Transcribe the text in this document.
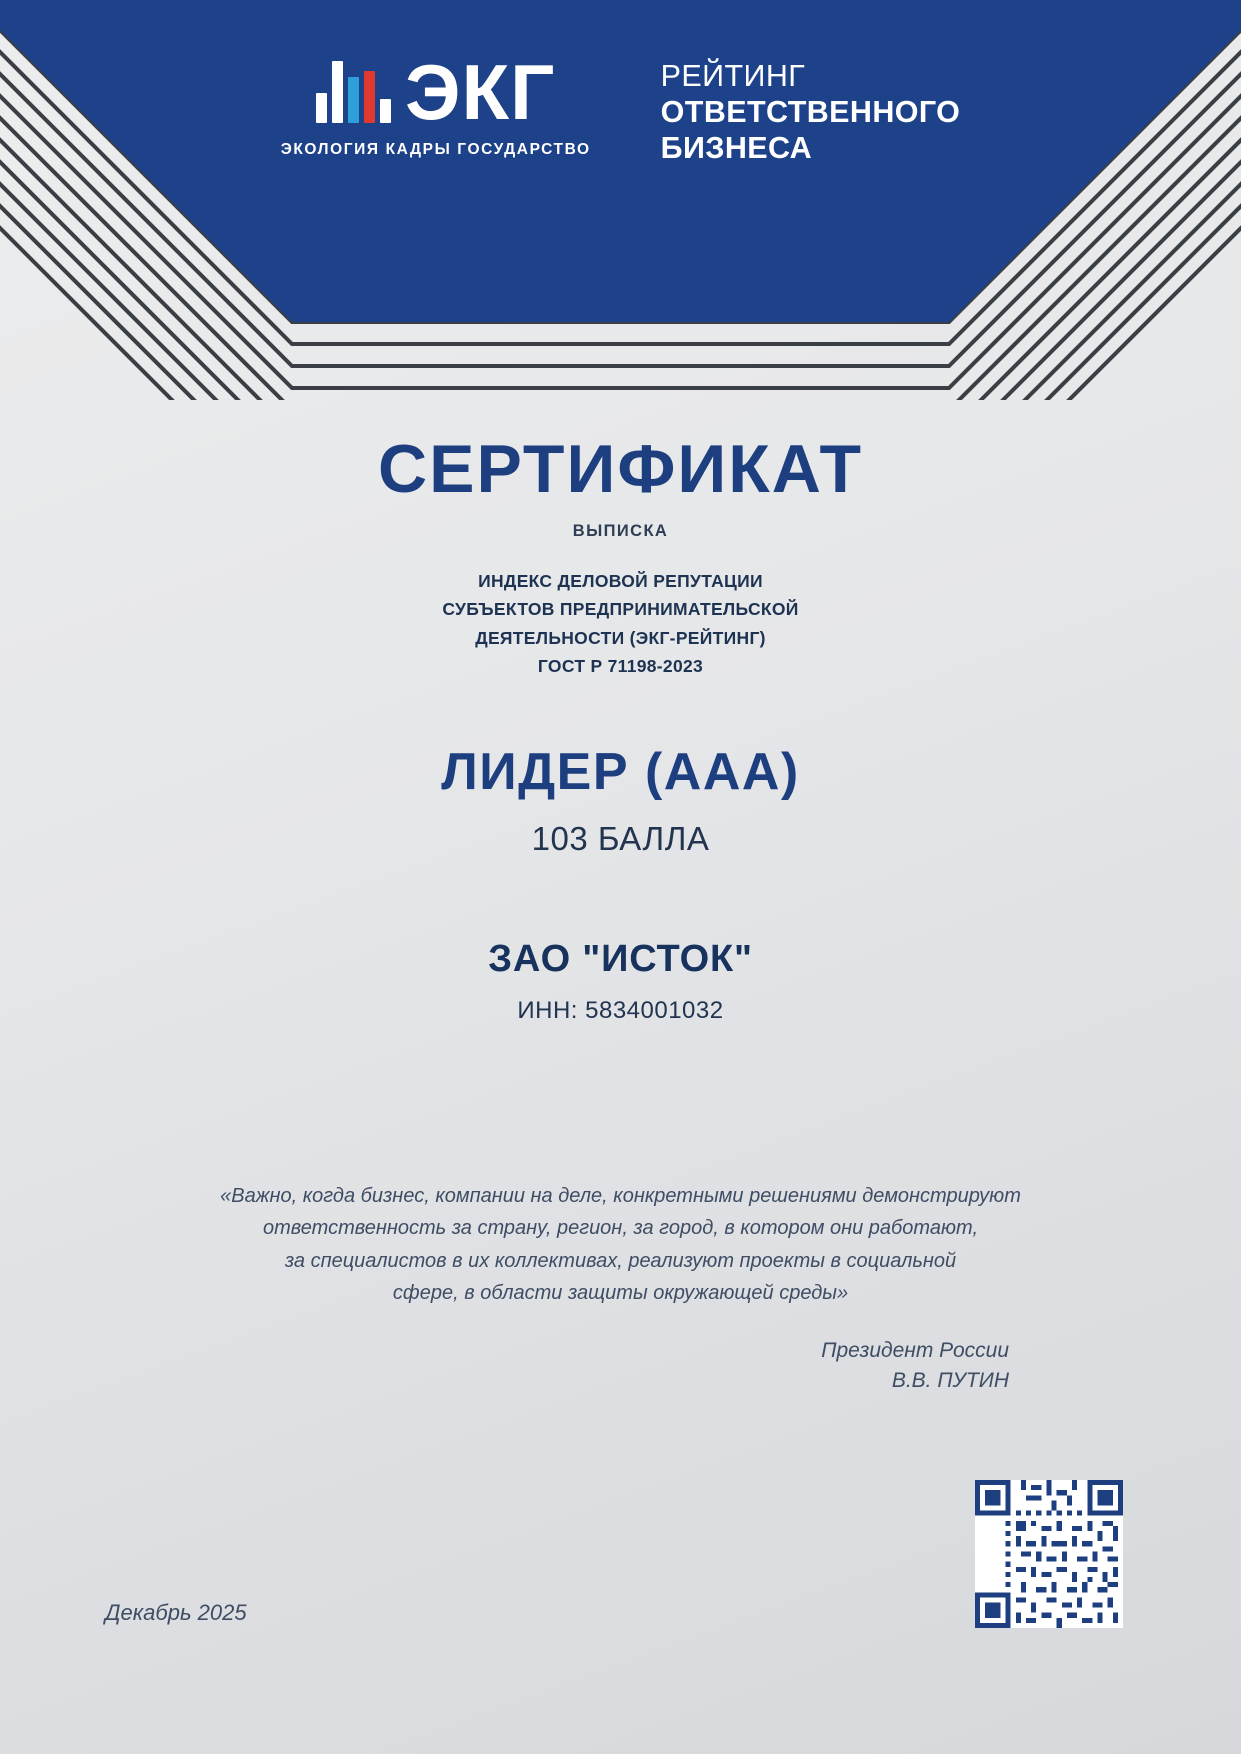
ЭКГ
ЭКОЛОГИЯ КАДРЫ ГОСУДАРСТВО
РЕЙТИНГ
ОТВЕТСТВЕННОГО
БИЗНЕСА
СЕРТИФИКАТ
ВЫПИСКА
ИНДЕКС ДЕЛОВОЙ РЕПУТАЦИИ
СУБЪЕКТОВ ПРЕДПРИНИМАТЕЛЬСКОЙ
ДЕЯТЕЛЬНОСТИ (ЭКГ-РЕЙТИНГ)
ГОСТ Р 71198-2023
ЛИДЕР (ААА)
103 БАЛЛА
ЗАО "ИСТОК"
ИНН: 5834001032
«Важно, когда бизнес, компании на деле, конкретными решениями демонстрируют
ответственность за страну, регион, за город, в котором они работают,
за специалистов в их коллективах, реализуют проекты в социальной
сфере, в области защиты окружающей среды»
Президент России
В.В. ПУТИН
Декабрь 2025
